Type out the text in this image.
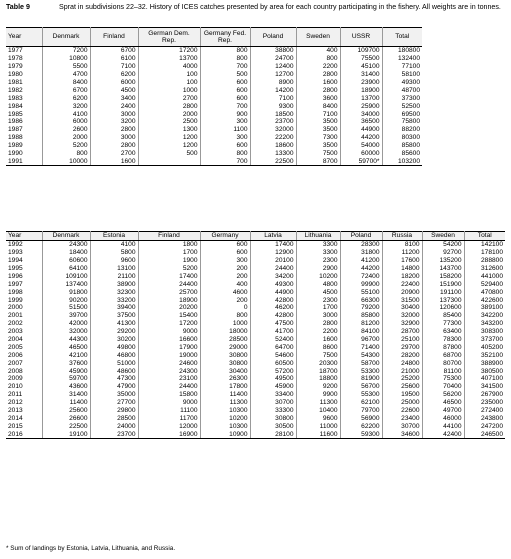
Table 9	Sprat in subdivisions 22–32. History of ICES catches presented by area for each country participating in the fishery. All weights are in tonnes.
Year	Denmark	Finland	German Dem. Rep.	Germany Fed. Rep.	Poland	Sweden	USSR	Total
1977	7200	6700	17200	800	38800	400	109700	180800
1978	10800	6100	13700	800	24700	800	75500	132400
1979	5500	7100	4000	700	12400	2200	45100	77100
1980	4700	6200	100	500	12700	2800	31400	58100
1981	8400	6000	100	600	8900	1600	23900	49300
1982	6700	4500	1000	600	14200	2800	18900	48700
1983	6200	3400	2700	600	7100	3600	13700	37300
1984	3200	2400	2800	700	9300	8400	25900	52500
1985	4100	3000	2000	900	18500	7100	34000	69500
1986	6000	3200	2500	300	23700	3500	36500	75800
1987	2600	2800	1300	1100	32000	3500	44900	88200
1988	2000	3000	1200	300	22200	7300	44200	80300
1989	5200	2800	1200	600	18600	3500	54000	85800
1990	800	2700	500	800	13300	7500	60000	85600
1991	10000	1600		700	22500	8700	59700*	103200
Year	Denmark	Estonia	Finland	Germany	Latvia	Lithuania	Poland	Russia	Sweden	Total
1992	24300	4100	1800	600	17400	3300	28300	8100	54200	142100
1993	18400	5800	1700	600	12900	3300	31800	11200	92700	178100
1994	60600	9600	1900	300	20100	2300	41200	17600	135200	288800
1995	64100	13100	5200	200	24400	2900	44200	14800	143700	312600
1996	109100	21100	17400	200	34200	10200	72400	18200	158200	441000
1997	137400	38900	24400	400	49300	4800	99900	22400	151900	529400
1998	91800	32300	25700	4600	44900	4500	55100	20900	191100	470800
1999	90200	33200	18900	200	42800	2300	66300	31500	137300	422600
2000	51500	39400	20200	0	46200	1700	79200	30400	120600	389100
2001	39700	37500	15400	800	42800	3000	85800	32000	85400	342200
2002	42000	41300	17200	1000	47500	2800	81200	32900	77300	343200
2003	32000	29200	9000	18000	41700	2200	84100	28700	63400	308300
2004	44300	30200	16600	28500	52400	1600	96700	25100	78300	373700
2005	46500	49800	17900	29000	64700	8600	71400	29700	87800	405200
2006	42100	46800	19000	30800	54600	7500	54300	28200	68700	352100
2007	37600	51000	24600	30800	60500	20300	58700	24800	80700	388900
2008	45900	48600	24300	30400	57200	18700	53300	21000	81100	380500
2009	59700	47300	23100	26300	49500	18800	81900	25200	75300	407100
2010	43600	47900	24400	17800	45900	9200	56700	25600	70400	341500
2011	31400	35000	15800	11400	33400	9900	55300	19500	56200	267900
2012	11400	27700	9000	11300	30700	11300	62100	25000	46500	235000
2013	25600	29800	11100	10300	33300	10400	79700	22600	49700	272400
2014	26600	28500	11700	10200	30800	9600	56900	23400	46000	243800
2015	22500	24000	12000	10300	30500	11000	62200	30700	44100	247200
2016	19100	23700	16900	10900	28100	11600	59300	34600	42400	246500
* Sum of landings by Estonia, Latvia, Lithuania, and Russia.
